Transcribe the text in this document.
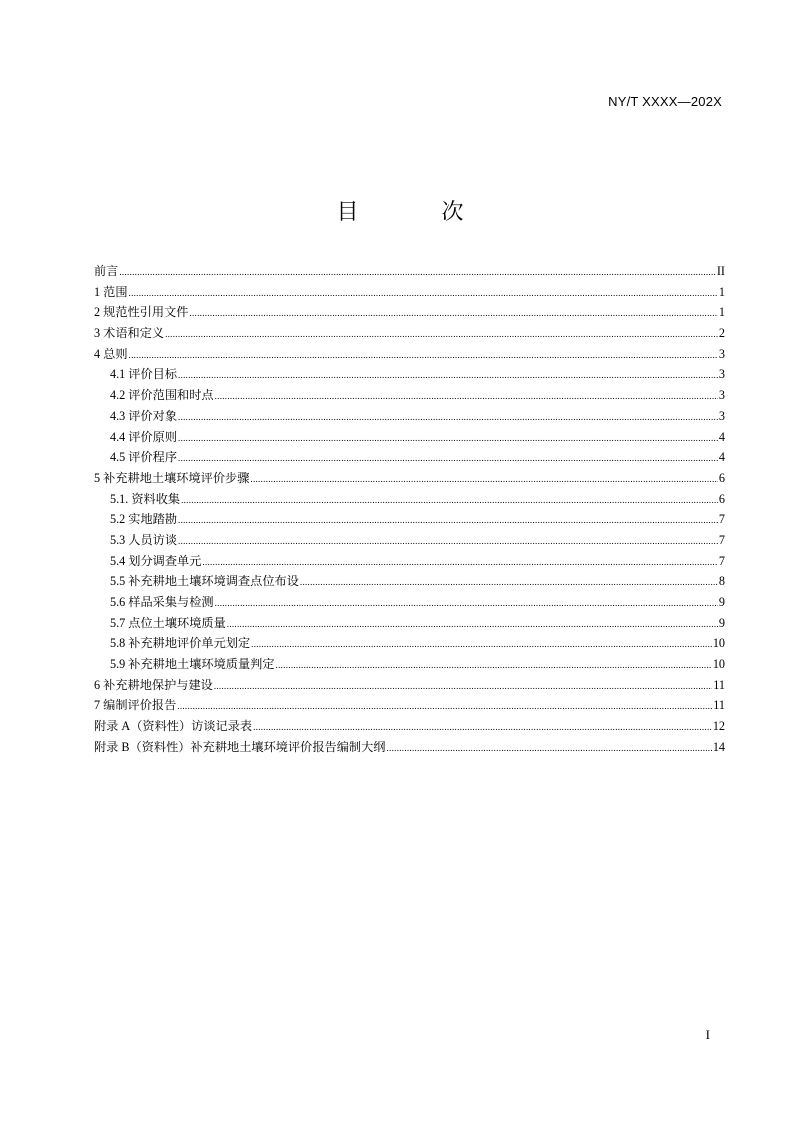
NY/T XXXX—202X
目 次
前言 .....	II
1 范围 .....	1
2 规范性引用文件 .....	1
3 术语和定义 .....	2
4 总则 .....	3
4.1 评价目标 .....	3
4.2 评价范围和时点 .....	3
4.3 评价对象 .....	3
4.4 评价原则 .....	4
4.5 评价程序 .....	4
5 补充耕地土壤环境评价步骤 .....	6
5.1. 资料收集 .....	6
5.2 实地踏勘 .....	7
5.3 人员访谈 .....	7
5.4 划分调查单元 .....	7
5.5 补充耕地土壤环境调查点位布设 .....	8
5.6 样品采集与检测 .....	9
5.7 点位土壤环境质量 .....	9
5.8 补充耕地评价单元划定 .....	10
5.9 补充耕地土壤环境质量判定 .....	10
6 补充耕地保护与建设 .....	11
7 编制评价报告 .....	11
附录 A（资料性）访谈记录表 .....	12
附录 B（资料性）补充耕地土壤环境评价报告编制大纲 .....	14
I
